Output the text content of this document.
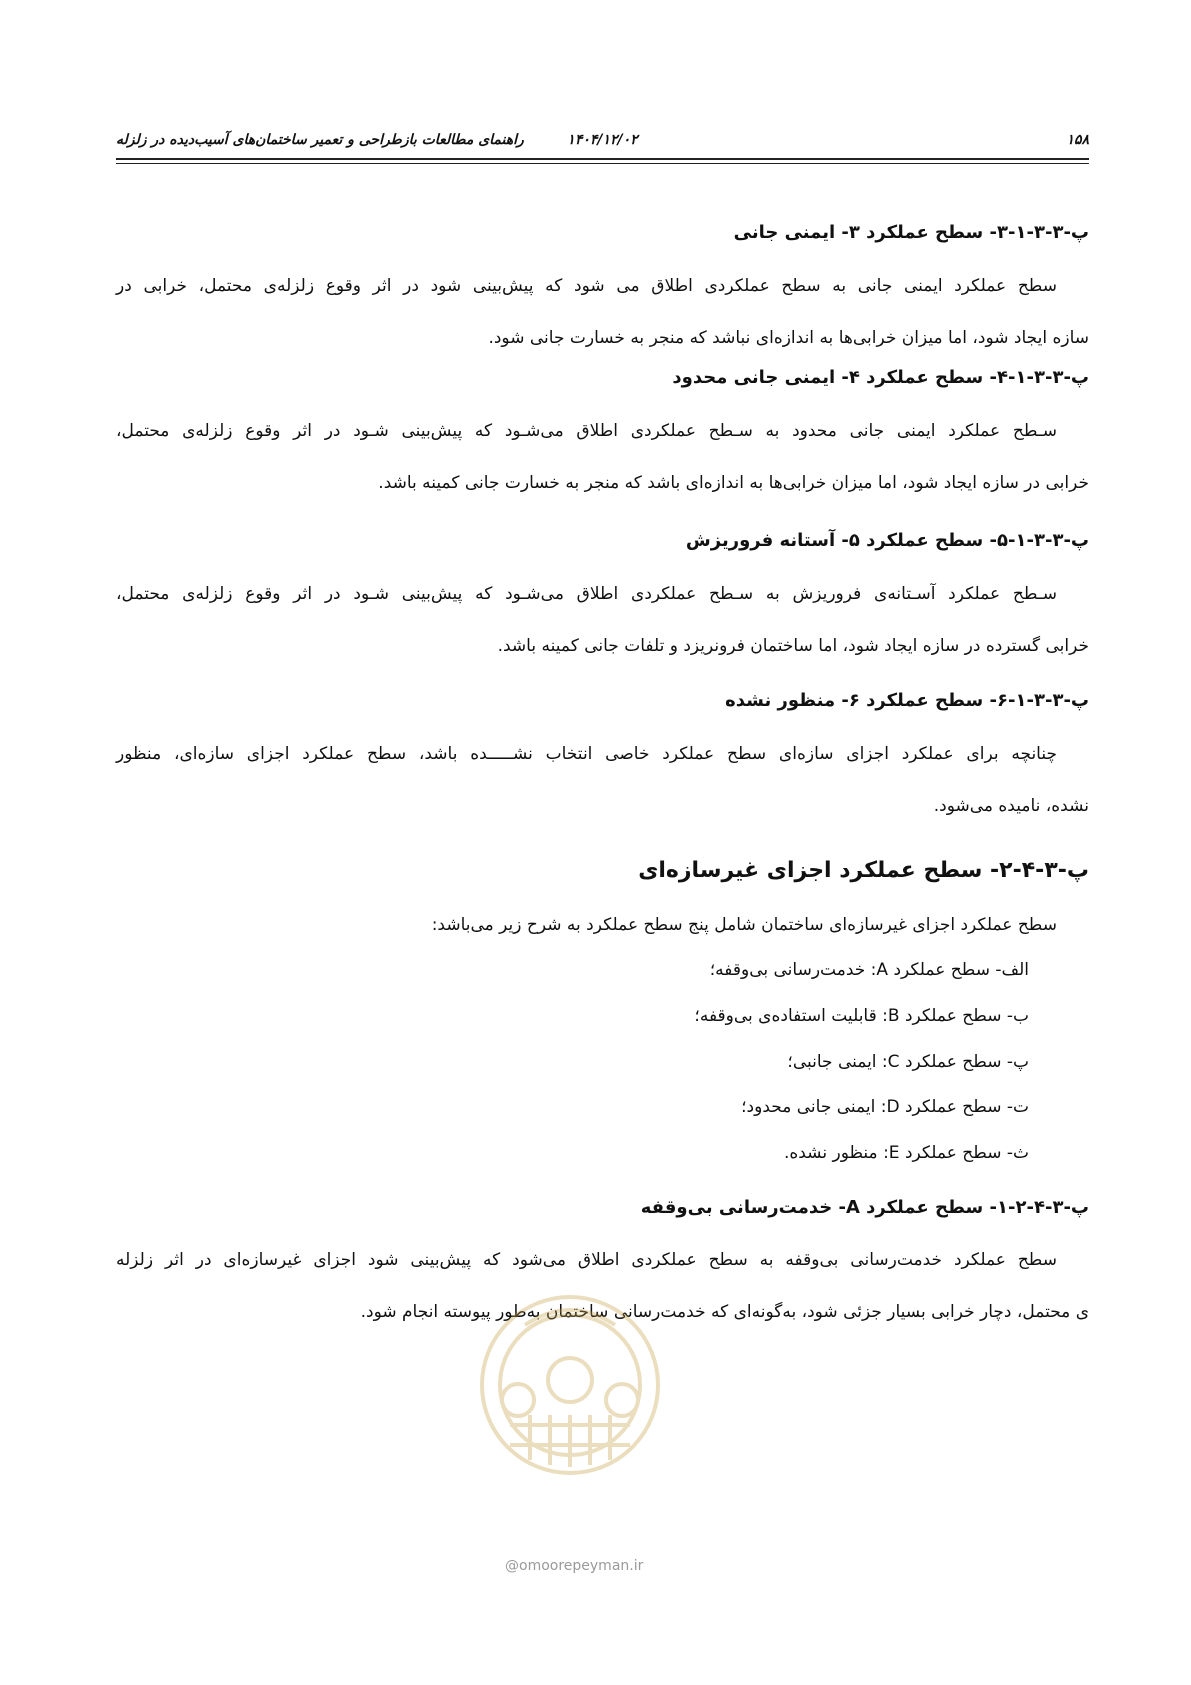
۱۵۸
۱۴۰۴/۱۲/۰۲
راهنمای مطالعات بازطراحی و تعمیر ساختمان‌های آسیب‌دیده در زلزله
پ-۳-۳-۱-۳- سطح عملکرد ۳- ایمنی جانی
سطح عملکرد ایمنی جانی به سطح عملکردی اطلاق می شود که پیش‌بینی شود در اثر وقوع زلزله‌ی محتمل، خرابی در
سازه ایجاد شود، اما میزان خرابی‌ها به اندازه‌ای نباشد که منجر به خسارت جانی شود.
پ-۳-۳-۱-۴- سطح عملکرد ۴- ایمنی جانی محدود
سـطح عملکرد ایمنی جانی محدود به سـطح عملکردی اطلاق می‌شـود که پیش‌بینی شـود در اثر وقوع زلزله‌ی محتمل،
خرابی در سازه ایجاد شود، اما میزان خرابی‌ها به اندازه‌ای باشد که منجر به خسارت جانی کمینه باشد.
پ-۳-۳-۱-۵- سطح عملکرد ۵- آستانه فروریزش
سـطح عملکرد آسـتانه‌ی فروریزش به سـطح عملکردی اطلاق می‌شـود که پیش‌بینی شـود در اثر وقوع زلزله‌ی محتمل،
خرابی گسترده در سازه ایجاد شود، اما ساختمان فرونریزد و تلفات جانی کمینه باشد.
پ-۳-۳-۱-۶- سطح عملکرد ۶- منظور نشده
چنانچه برای عملکرد اجزای سازه‌ای سطح عملکرد خاصی انتخاب نشـــــده باشد، سطح عملکرد اجزای سازه‌ای، منظور
نشده، نامیده می‌شود.
پ-۳-۴-۲- سطح عملکرد اجزای غیرسازه‌ای
سطح عملکرد اجزای غیرسازه‌ای ساختمان شامل پنج سطح عملکرد به شرح زیر می‌باشد:
الف- سطح عملکرد A: خدمت‌رسانی بی‌وقفه؛
ب- سطح عملکرد B: قابلیت استفاده‌ی بی‌وقفه؛
پ- سطح عملکرد C: ایمنی جانبی؛
ت- سطح عملکرد D: ایمنی جانی محدود؛
ث- سطح عملکرد E: منظور نشده.
پ-۳-۴-۲-۱- سطح عملکرد A- خدمت‌رسانی بی‌وقفه
سطح عملکرد خدمت‌رسانی بی‌وقفه به سطح عملکردی اطلاق می‌شود که پیش‌بینی شود اجزای غیرسازه‌ای در اثر زلزله
ی محتمل، دچار خرابی بسیار جزئی شود، به‌گونه‌ای که خدمت‌رسانی ساختمان به‌طور پیوسته انجام شود.
@omoorepeyman.ir
